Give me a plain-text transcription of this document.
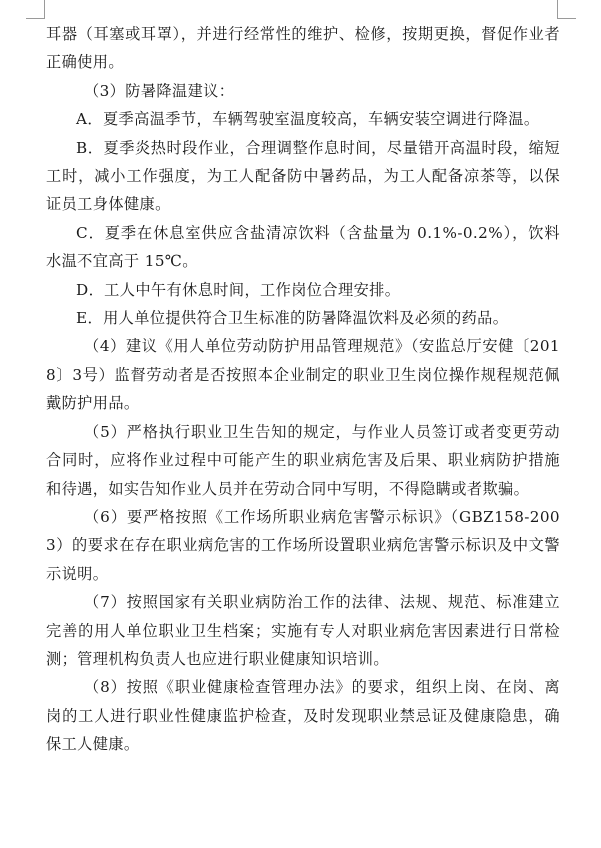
耳器（耳塞或耳罩），并进行经常性的维护、检修，按期更换，督促作业者正确使用。

（3）防暑降温建议：

A．夏季高温季节，车辆驾驶室温度较高，车辆安装空调进行降温。

B．夏季炎热时段作业，合理调整作息时间，尽量错开高温时段，缩短工时，减小工作强度，为工人配备防中暑药品，为工人配备凉茶等，以保证员工身体健康。

C．夏季在休息室供应含盐清凉饮料（含盐量为 0.1%-0.2%），饮料水温不宜高于 15℃。

D．工人中午有休息时间，工作岗位合理安排。

E．用人单位提供符合卫生标准的防暑降温饮料及必须的药品。

（4）建议《用人单位劳动防护用品管理规范》（安监总厅安健〔2018〕3号）监督劳动者是否按照本企业制定的职业卫生岗位操作规程规范佩戴防护用品。

（5）严格执行职业卫生告知的规定，与作业人员签订或者变更劳动合同时，应将作业过程中可能产生的职业病危害及后果、职业病防护措施和待遇，如实告知作业人员并在劳动合同中写明，不得隐瞒或者欺骗。

（6）要严格按照《工作场所职业病危害警示标识》（GBZ158-2003）的要求在存在职业病危害的工作场所设置职业病危害警示标识及中文警示说明。

（7）按照国家有关职业病防治工作的法律、法规、规范、标准建立完善的用人单位职业卫生档案；实施有专人对职业病危害因素进行日常检测；管理机构负责人也应进行职业健康知识培训。

（8）按照《职业健康检查管理办法》的要求，组织上岗、在岗、离岗的工人进行职业性健康监护检查，及时发现职业禁忌证及健康隐患，确保工人健康。
